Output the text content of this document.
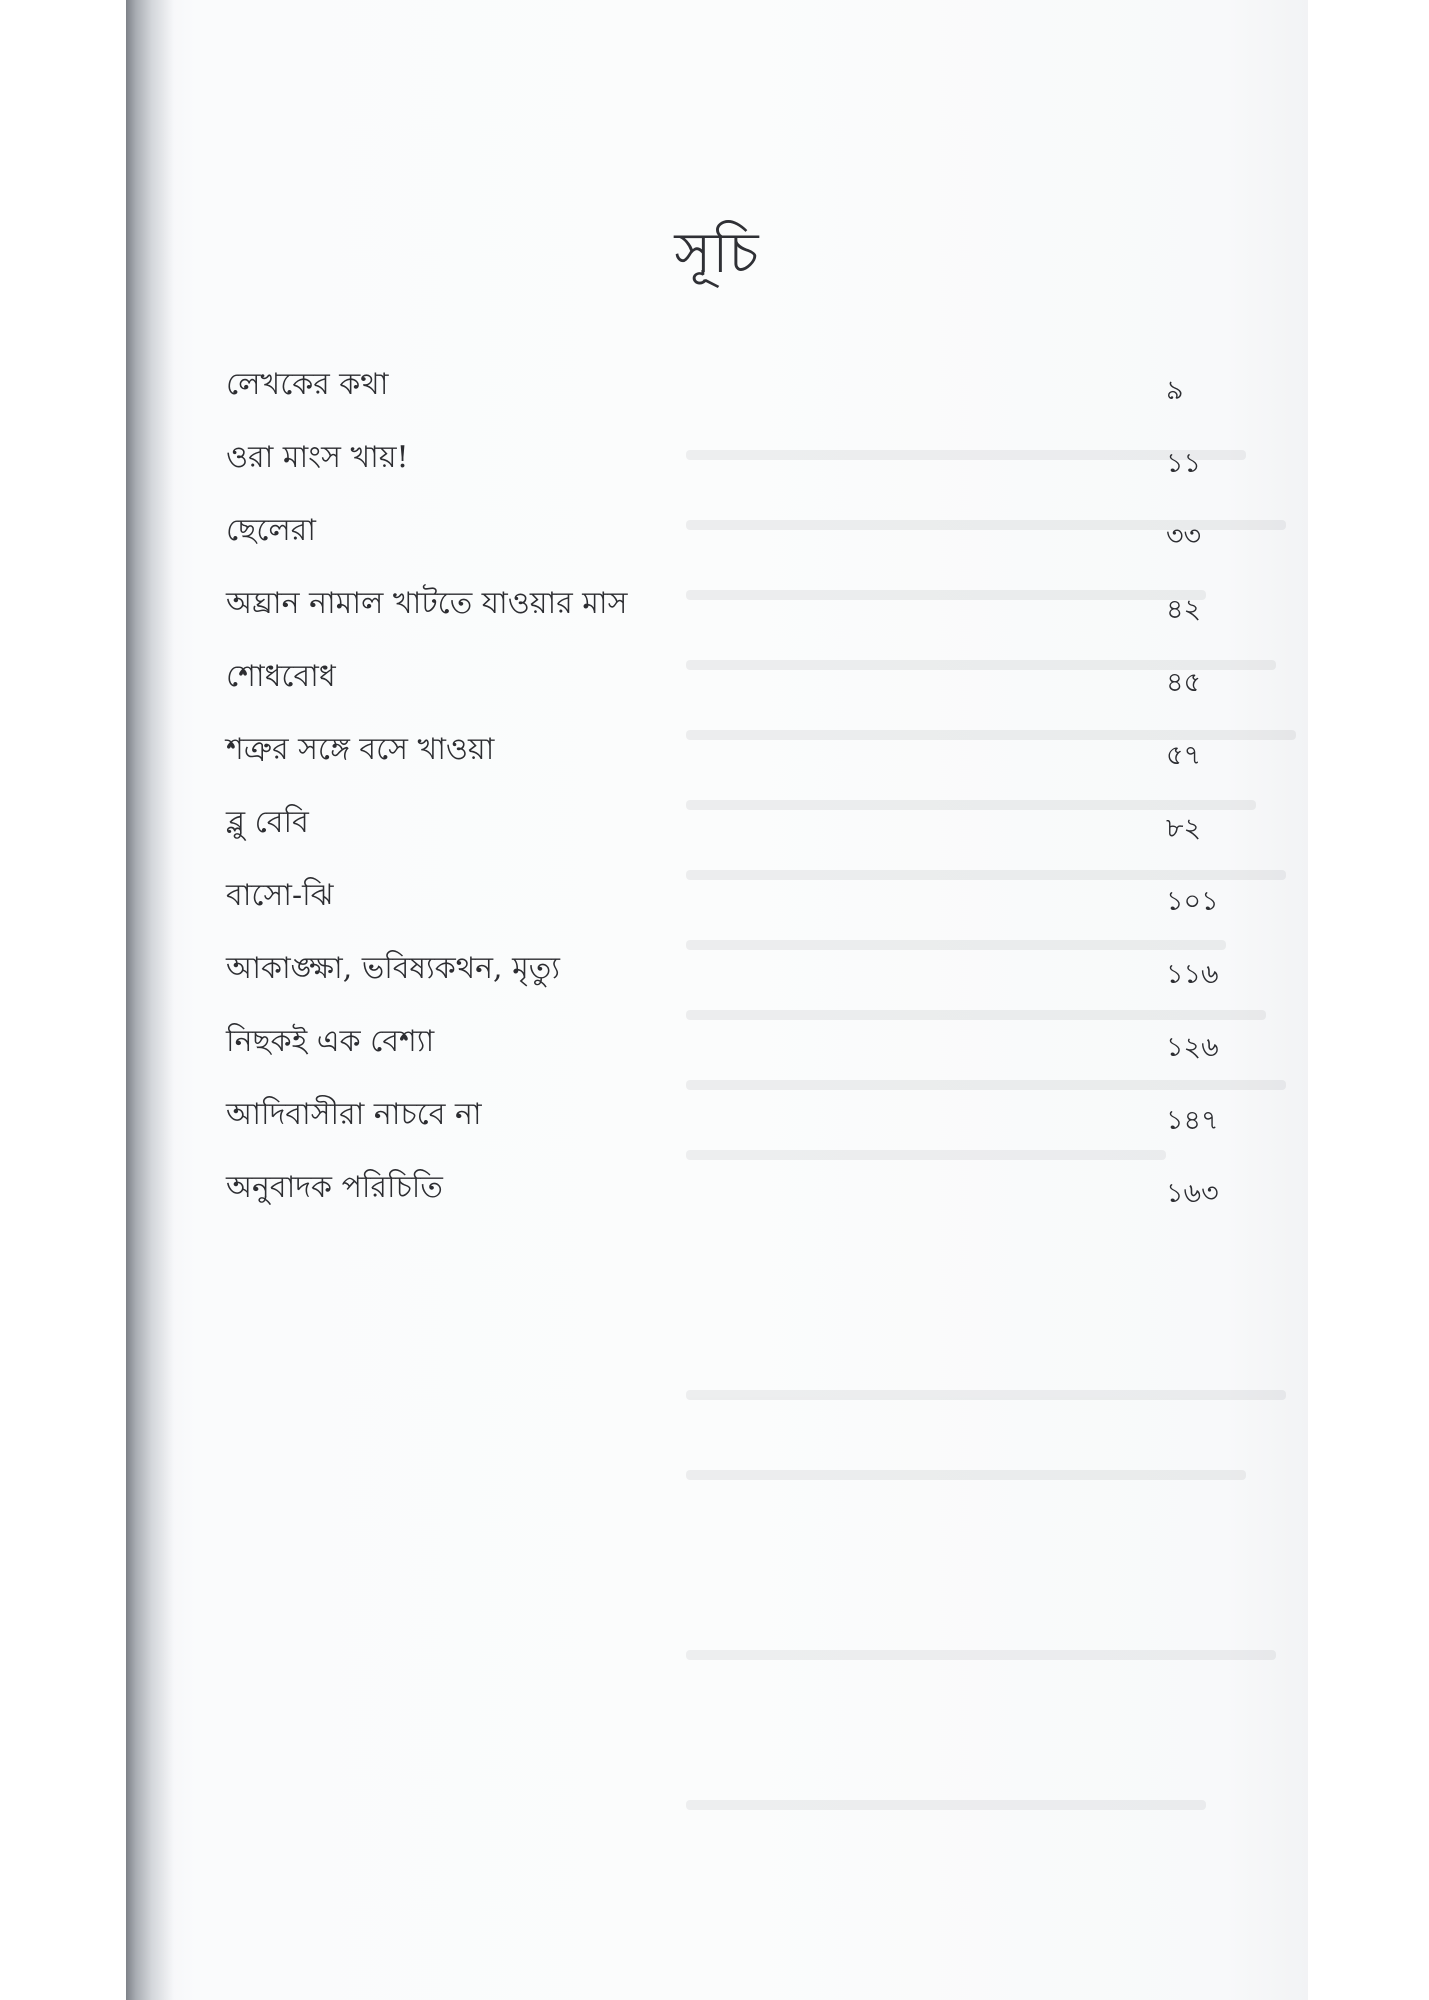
সূচি
লেখকের কথা	৯
ওরা মাংস খায়!	১১
ছেলেরা	৩৩
অঘ্রান নামাল খাটতে যাওয়ার মাস	৪২
শোধবোধ	৪৫
শত্রুর সঙ্গে বসে খাওয়া	৫৭
ব্লু বেবি	৮২
বাসো-ঝি	১০১
আকাঙ্ক্ষা, ভবিষ্যকথন, মৃত্যু	১১৬
নিছকই এক বেশ্যা	১২৬
আদিবাসীরা নাচবে না	১৪৭
অনুবাদক পরিচিতি	১৬৩
